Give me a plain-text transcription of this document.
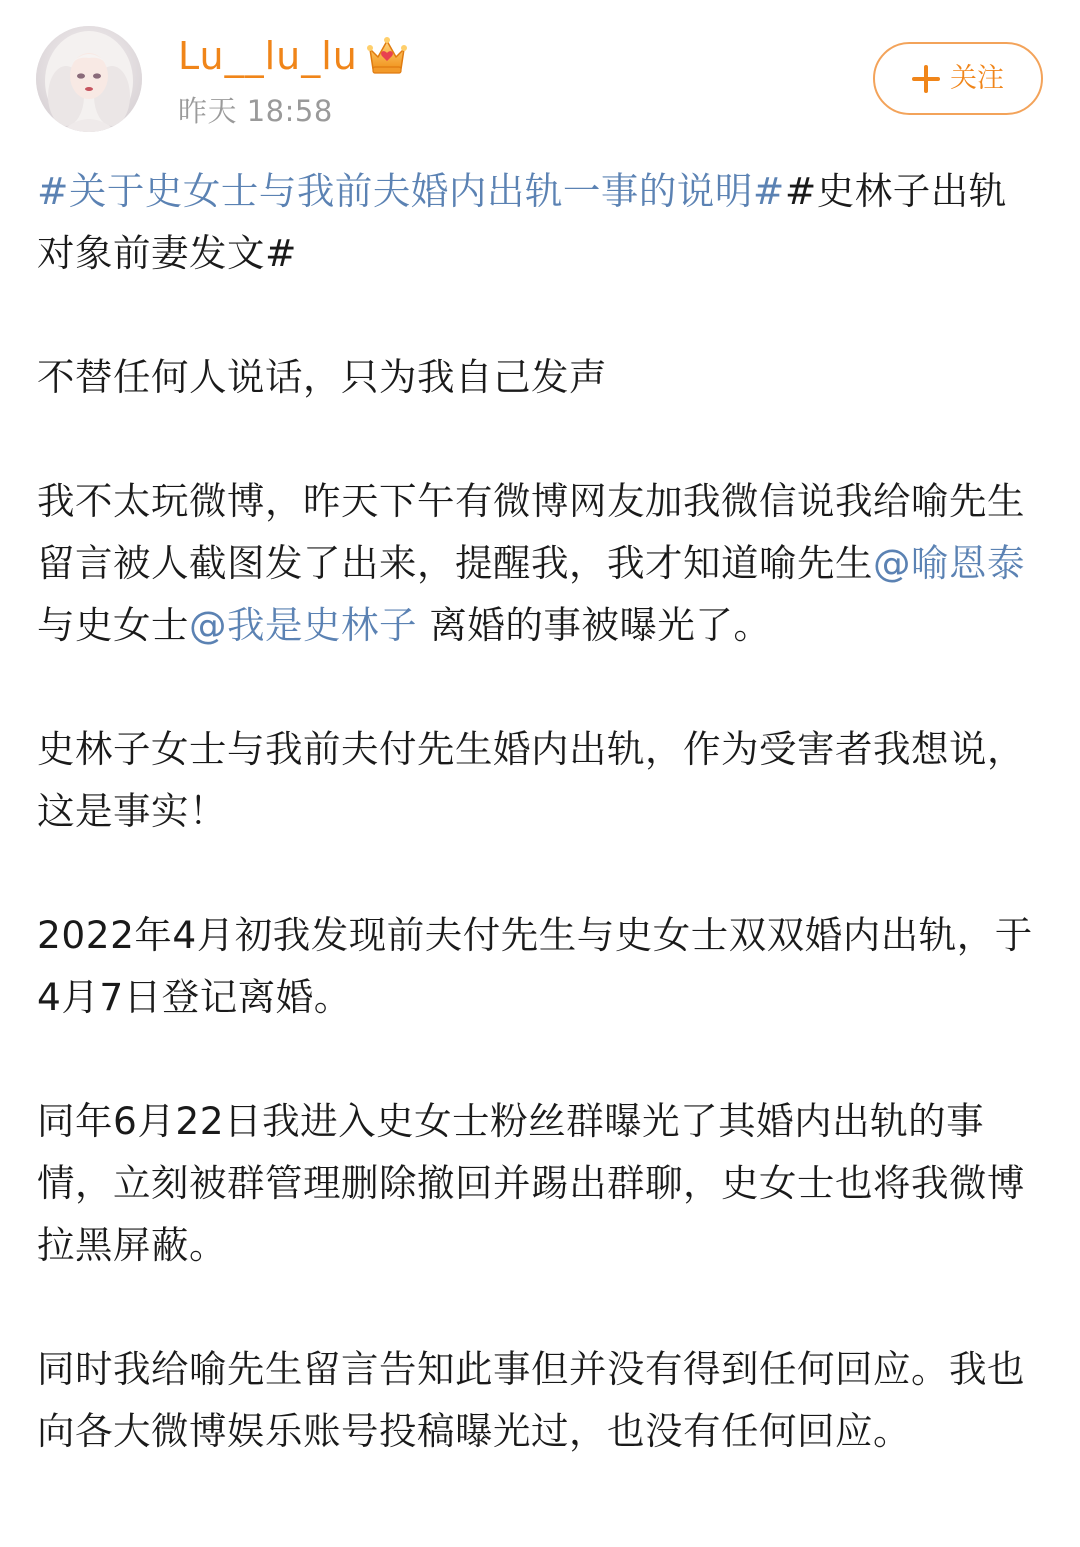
Lu__lu_lu
昨天 18:58
关注

#关于史女士与我前夫婚内出轨一事的说明##史林子出轨对象前妻发文#

不替任何人说话，只为我自己发声

我不太玩微博，昨天下午有微博网友加我微信说我给喻先生留言被人截图发了出来，提醒我，我才知道喻先生@喻恩泰 与史女士@我是史林子 离婚的事被曝光了。

史林子女士与我前夫付先生婚内出轨，作为受害者我想说，这是事实！

2022年4月初我发现前夫付先生与史女士双双婚内出轨，于4月7日登记离婚。

同年6月22日我进入史女士粉丝群曝光了其婚内出轨的事情，立刻被群管理删除撤回并踢出群聊，史女士也将我微博拉黑屏蔽。

同时我给喻先生留言告知此事但并没有得到任何回应。我也向各大微博娱乐账号投稿曝光过，也没有任何回应。
